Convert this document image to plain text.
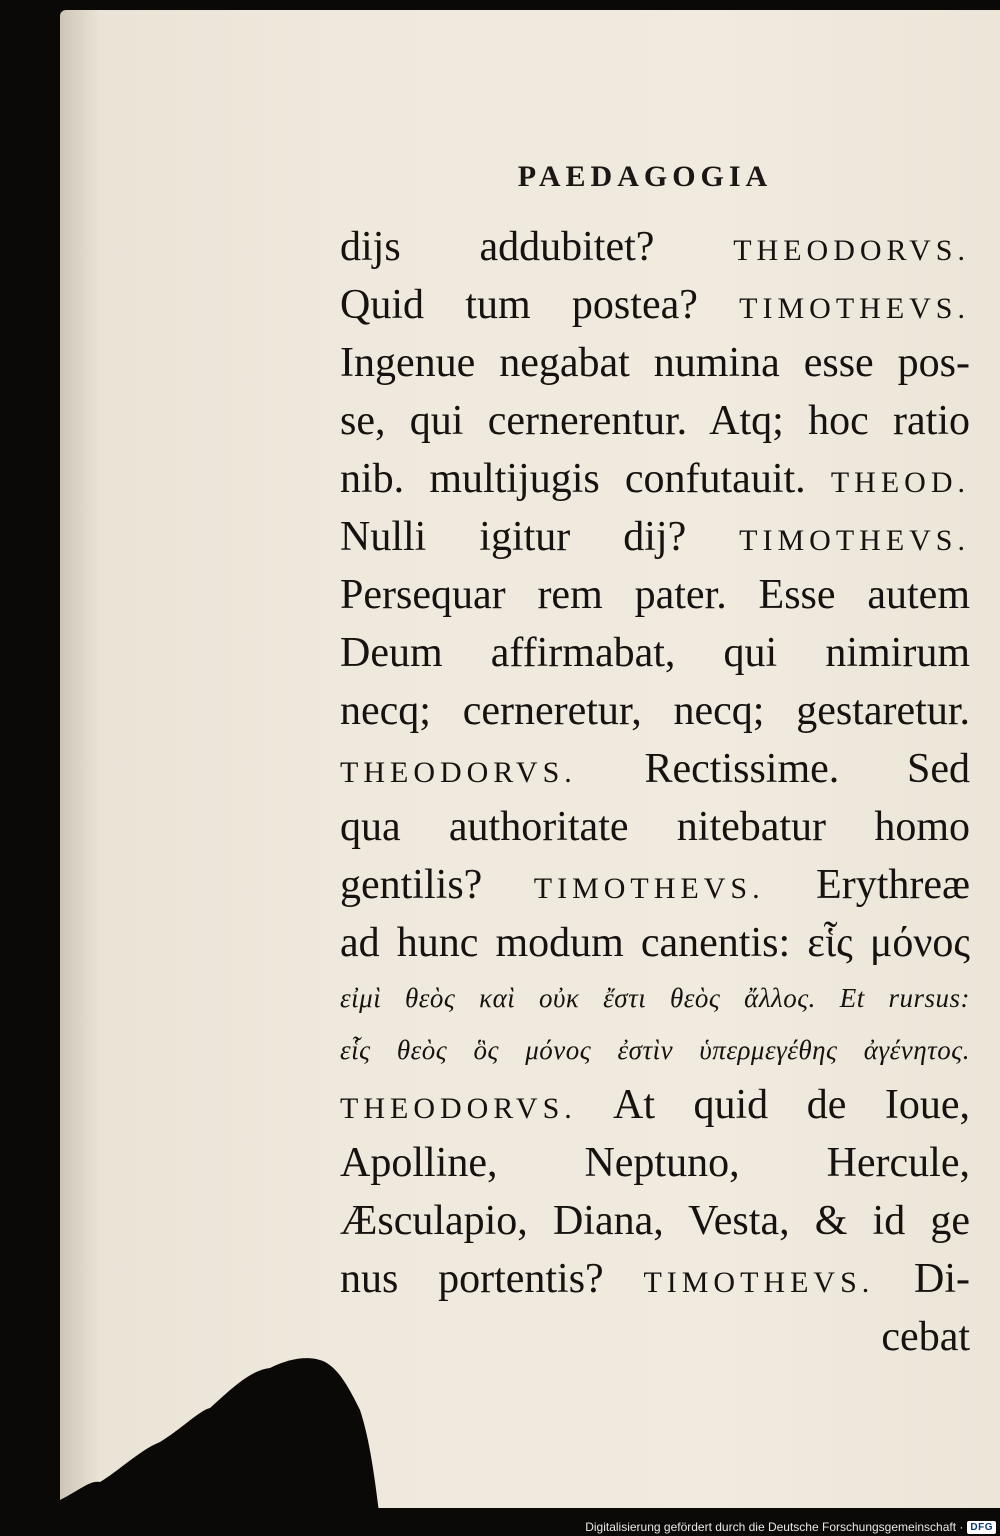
PAEDAGOGIA
dijs addubitet? THEODORVS.
Quid tum postea? TIMOTHEVS.
Ingenue negabat numina esse pos-
se, qui cernerentur. Atq; hoc ratio
nib. multijugis confutauit. THEOD.
Nulli igitur dij? TIMOTHEVS.
Persequar rem pater. Esse autem
Deum affirmabat, qui nimirum
necq; cerneretur, necq; gestaretur.
THEODORVS. Rectissime. Sed
qua authoritate nitebatur homo
gentilis? TIMOTHEVS. Erythreæ
ad hunc modum canentis: εἷς μόνος
εἰμὶ θεὸς καὶ οὐκ ἔστι θεὸς ἄλλος. Et rursus:
εἷς θεὸς ὃς μόνος ἐστὶν ὑπερμεγέθης ἀγένητος.
THEODORVS. At quid de Ioue,
Apolline, Neptuno, Hercule,
Æsculapio, Diana, Vesta, & id ge
nus portentis? TIMOTHEVS. Di-
cebat
Digitalisierung gefördert durch die Deutsche Forschungsgemeinschaft · DFG
